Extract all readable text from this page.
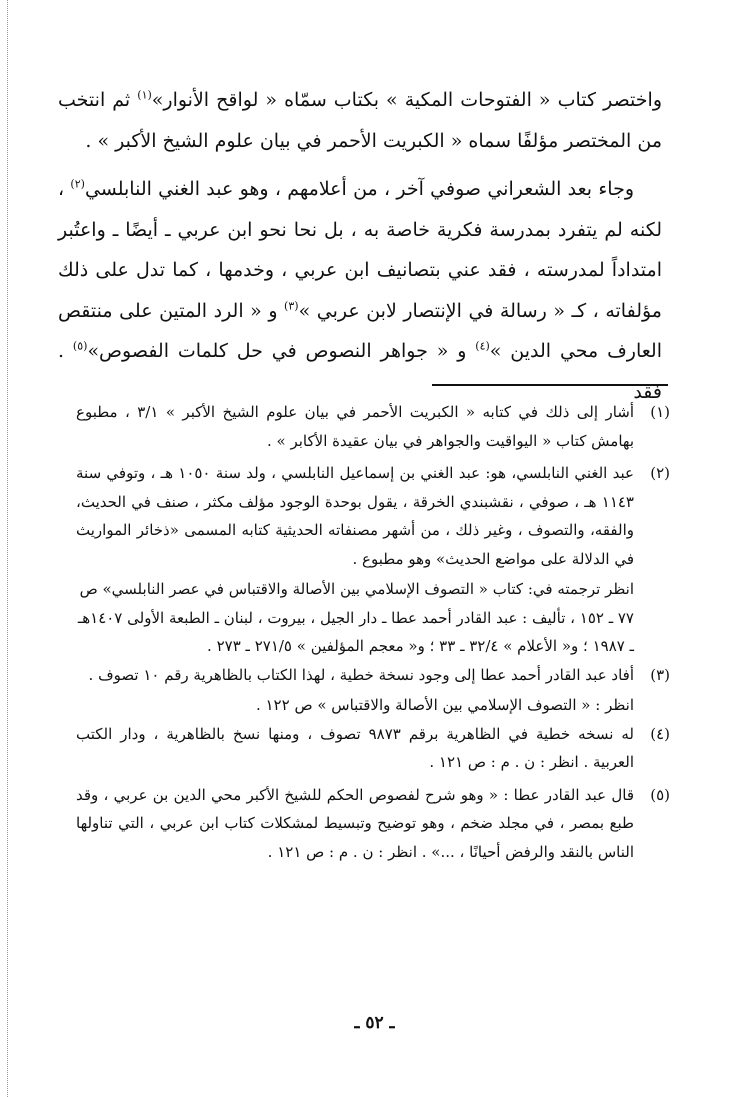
واختصر كتاب « الفتوحات المكية » بكتاب سمّاه « لواقح الأنوار»$^{(١)}$ ثم انتخب من المختصر مؤلفًا سماه « الكبريت الأحمر في بيان علوم الشيخ الأكبر » .

وجاء بعد الشعراني صوفي آخر ، من أعلامهم ، وهو عبد الغني النابلسي$^{(٢)}$ ، لكنه لم يتفرد بمدرسة فكرية خاصة به ، بل نحا نحو ابن عربي ـ أيضًا ـ واعتُبر امتداداً لمدرسته ، فقد عني بتصانيف ابن عربي ، وخدمها ، كما تدل على ذلك مؤلفاته ، كـ « رسالة في الإنتصار لابن عربي »$^{(٣)}$ و « الرد المتين على منتقص العارف محي الدين »$^{(٤)}$ و « جواهر النصوص في حل كلمات الفصوص»$^{(٥)}$ . فقد

(١)

أشار إلى ذلك في كتابه « الكبريت الأحمر في بيان علوم الشيخ الأكبر » ٣/١ ، مطبوع بهامش كتاب « اليواقيت والجواهر في بيان عقيدة الأكابر » .

(٢)

عبد الغني النابلسي، هو: عبد الغني بن إسماعيل النابلسي ، ولد سنة ١٠٥٠ هـ ، وتوفي سنة ١١٤٣ هـ ، صوفي ، نقشبندي الخرقة ، يقول بوحدة الوجود مؤلف مكثر ، صنف في الحديث، والفقه، والتصوف ، وغير ذلك ، من أشهر مصنفاته الحديثية كتابه المسمى «ذخائر المواريث في الدلالة على مواضع الحديث» وهو مطبوع .

انظر ترجمته في: كتاب « التصوف الإسلامي بين الأصالة والاقتباس في عصر النابلسي» ص ٧٧ ـ ١٥٢ ، تأليف : عبد القادر أحمد عطا ـ دار الجيل ، بيروت ، لبنان ـ الطبعة الأولى ١٤٠٧هـ ـ ١٩٨٧ ؛ و« الأعلام » ٣٢/٤ ـ ٣٣ ؛ و« معجم المؤلفين » ٢٧١/٥ ـ ٢٧٣ .
(٣)

أفاد عبد القادر أحمد عطا إلى وجود نسخة خطية ، لهذا الكتاب بالظاهرية رقم ١٠ تصوف .

انظر : « التصوف الإسلامي بين الأصالة والاقتباس » ص ١٢٢ .
(٤)

له نسخه خطية في الظاهرية برقم ٩٨٧٣ تصوف ، ومنها نسخ بالظاهرية ، ودار الكتب العربية . انظر : ن . م : ص ١٢١ .

(٥)

قال عبد القادر عطا : « وهو شرح لفصوص الحكم للشيخ الأكبر محي الدين بن عربي ، وقد طبع بمصر ، في مجلد ضخم ، وهو توضيح وتبسيط لمشكلات كتاب ابن عربي ، التي تناولها الناس بالنقد والرفض أحيانًا ، ...» . انظر : ن . م : ص ١٢١ .

ـ ٥٢ ـ
